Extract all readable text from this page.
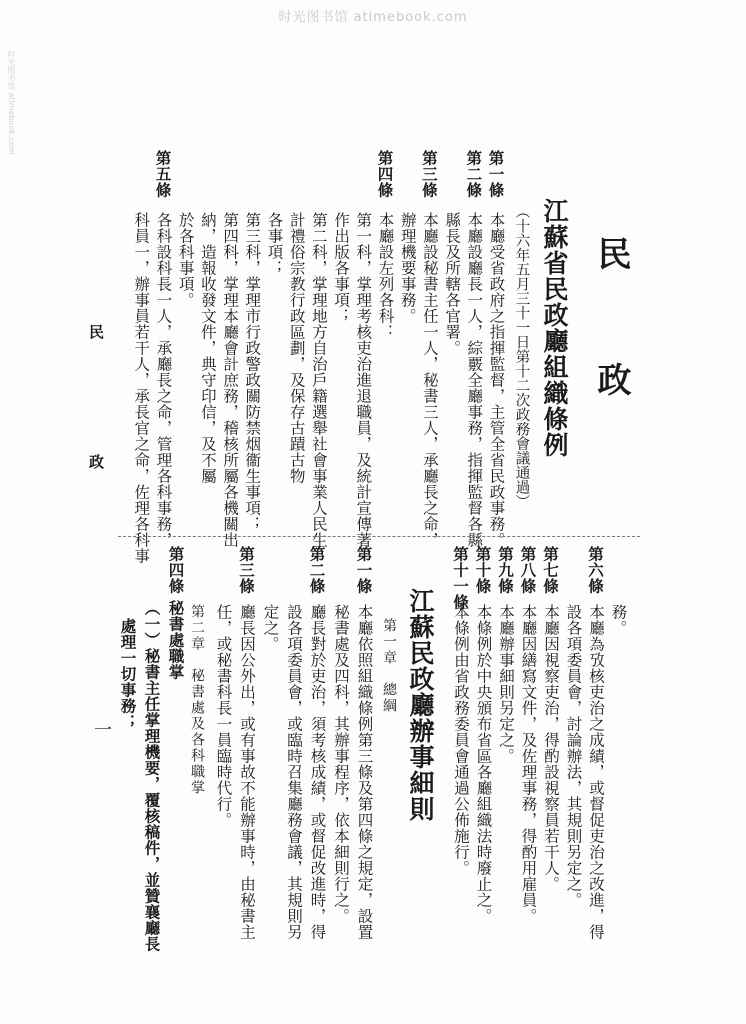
时光图书馆 atimebook.com
时光图书馆 atimebook.com
民 政
江蘇省民政廳組織條例
（十六年五月三十一日第十二次政務會議通過）
第一條
本廳受省政府之指揮監督，主管全省民政事務。
第二條
本廳設廳長一人，綜覈全廳事務，指揮監督各縣
縣長及所轄各官署。
第三條
本廳設秘書主任一人，秘書三人，承廳長之命，
辦理機要事務。
第四條
本廳設左列各科：
第一科，掌理考核吏治進退職員，及統計宣傳著
作出版各事項；
第二科，掌理地方自治戶籍選舉社會事業人民生
計禮俗宗教行政區劃，及保存古蹟古物
各事項；
第三科，掌理市行政警政關防禁烟衞生事項；
第四科，掌理本廳會計庶務，稽核所屬各機關出
納，造報收發文件，典守印信，及不屬
於各科事項。
第五條
各科設科長一人，承廳長之命，管理各科事務，
科員一，辦事員若干人，承長官之命，佐理各科事
務。
第六條
本廳為攷核吏治之成績，或督促吏治之改進，得
設各項委員會，討論辦法，其規則另定之。
第七條
本廳因視察吏治，得酌設視察員若干人。
第八條
本廳因繕寫文件，及佐理事務，得酌用雇員。
第九條
本廳辦事細則另定之。
第十條
本條例於中央頒布省區各廳組織法時廢止之。
第十一條
本條例由省政務委員會通過公佈施行。
江蘇民政廳辦事細則
第一章　總綱
第一條
本廳依照組織條例第三條及第四條之規定，設置
秘書處及四科，其辦事程序，依本細則行之。
第二條
廳長對於吏治，須考核成績，或督促改進時，得
設各項委員會，或臨時召集廳務會議，其規則另
定之。
第三條
廳長因公外出，或有事故不能辦事時，由秘書主
任，或秘書科長一員臨時代行。
第二章　秘書處及各科職掌
第四條
秘書處職掌
（一）秘書主任掌理機要，覆核稿件，並贊襄廳長
處理一切事務；
民　政
一
